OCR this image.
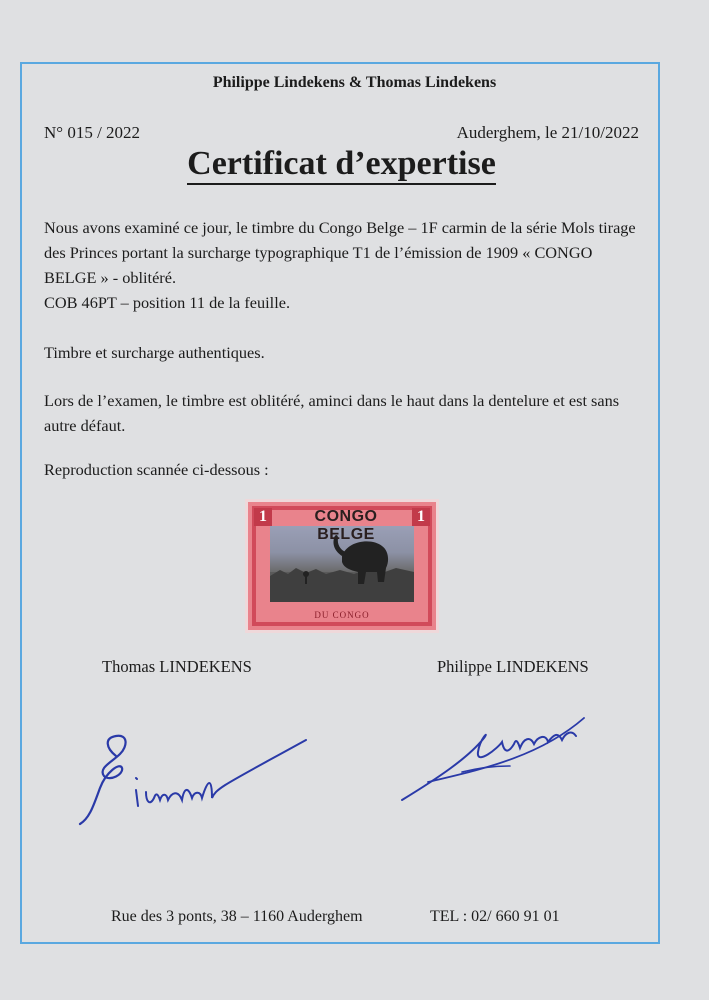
Philippe Lindekens & Thomas Lindekens
N° 015 / 2022	Auderghem, le 21/10/2022
Certificat d’expertise
Nous avons examiné ce jour, le timbre du Congo Belge – 1F carmin de la série Mols tirage des Princes portant la surcharge typographique T1 de l’émission de 1909 « CONGO BELGE » - oblitéré.
COB 46PT – position 11 de la feuille.
Timbre et surcharge authentiques.
Lors de l’examen, le timbre est oblitéré, aminci dans le haut dans la dentelure et est sans autre défaut.
Reproduction scannée ci-dessous :
1	1
CONGO BELGE
DU CONGO
Thomas LINDEKENS	Philippe LINDEKENS
Rue des 3 ponts, 38 – 1160 Auderghem	TEL : 02/ 660 91 01
